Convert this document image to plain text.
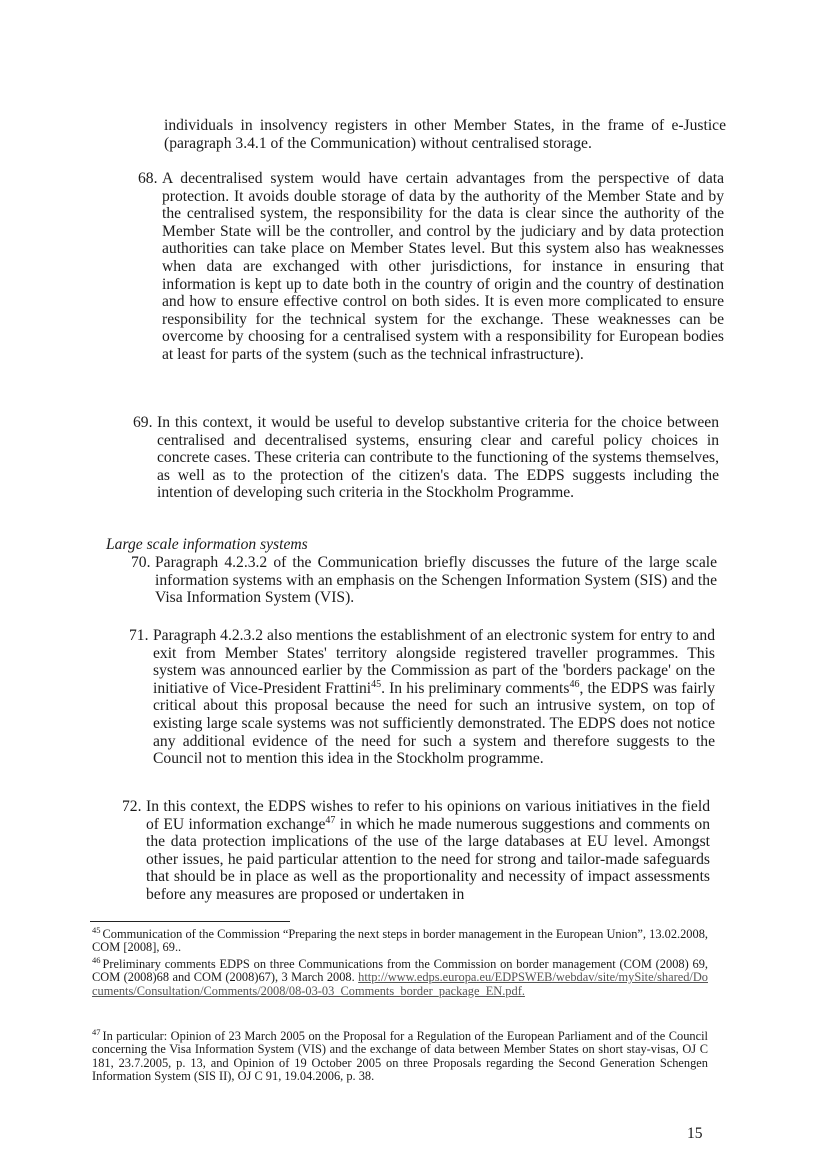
individuals in insolvency registers in other Member States, in the frame of e-Justice (paragraph 3.4.1 of the Communication) without centralised storage.
68. A decentralised system would have certain advantages from the perspective of data protection. It avoids double storage of data by the authority of the Member State and by the centralised system, the responsibility for the data is clear since the authority of the Member State will be the controller, and control by the judiciary and by data protection authorities can take place on Member States level. But this system also has weaknesses when data are exchanged with other jurisdictions, for instance in ensuring that information is kept up to date both in the country of origin and the country of destination and how to ensure effective control on both sides. It is even more complicated to ensure responsibility for the technical system for the exchange. These weaknesses can be overcome by choosing for a centralised system with a responsibility for European bodies at least for parts of the system (such as the technical infrastructure).
69. In this context, it would be useful to develop substantive criteria for the choice between centralised and decentralised systems, ensuring clear and careful policy choices in concrete cases. These criteria can contribute to the functioning of the systems themselves, as well as to the protection of the citizen's data. The EDPS suggests including the intention of developing such criteria in the Stockholm Programme.
Large scale information systems
70. Paragraph 4.2.3.2 of the Communication briefly discusses the future of the large scale information systems with an emphasis on the Schengen Information System (SIS) and the Visa Information System (VIS).
71. Paragraph 4.2.3.2 also mentions the establishment of an electronic system for entry to and exit from Member States' territory alongside registered traveller programmes. This system was announced earlier by the Commission as part of the 'borders package' on the initiative of Vice-President Frattini$^{45}$. In his preliminary comments$^{46}$, the EDPS was fairly critical about this proposal because the need for such an intrusive system, on top of existing large scale systems was not sufficiently demonstrated. The EDPS does not notice any additional evidence of the need for such a system and therefore suggests to the Council not to mention this idea in the Stockholm programme.
72. In this context, the EDPS wishes to refer to his opinions on various initiatives in the field of EU information exchange$^{47}$ in which he made numerous suggestions and comments on the data protection implications of the use of the large databases at EU level. Amongst other issues, he paid particular attention to the need for strong and tailor-made safeguards that should be in place as well as the proportionality and necessity of impact assessments before any measures are proposed or undertaken in
$^{45}$ Communication of the Commission “Preparing the next steps in border management in the European Union”, 13.02.2008, COM [2008], 69..
$^{46}$ Preliminary comments EDPS on three Communications from the Commission on border management (COM (2008) 69, COM (2008)68 and COM (2008)67), 3 March 2008. http://www.edps.europa.eu/EDPSWEB/webdav/site/mySite/shared/Documents/Consultation/Comments/2008/08-03-03_Comments_border_package_EN.pdf.
$^{47}$ In particular: Opinion of 23 March 2005 on the Proposal for a Regulation of the European Parliament and of the Council concerning the Visa Information System (VIS) and the exchange of data between Member States on short stay-visas, OJ C 181, 23.7.2005, p. 13, and Opinion of 19 October 2005 on three Proposals regarding the Second Generation Schengen Information System (SIS II), OJ C 91, 19.04.2006, p. 38.
15
